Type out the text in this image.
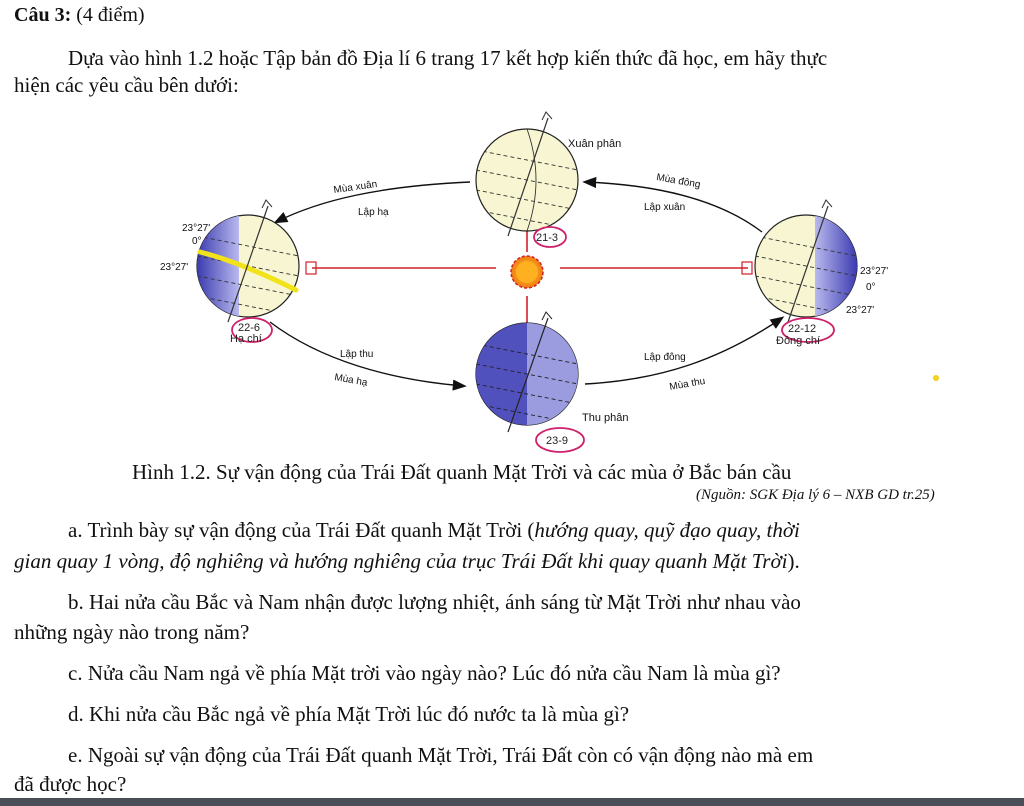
Câu 3: (4 điểm)
Dựa vào hình 1.2 hoặc Tập bản đồ Địa lí 6 trang 17 kết hợp kiến thức đã học, em hãy thực
hiện các yêu cầu bên dưới:
Xuân phân
Thu phân
Mùa xuân
Lập hạ
Mùa đông
Lập xuân
Lập thu
Mùa hạ
Lập đông
Mùa thu
Hạ chí	Đông chí
21-3
22-6
23-9
22-12
23°27'
0°
23°27'	23°27'
0°
23°27'
Hình 1.2. Sự vận động của Trái Đất quanh Mặt Trời và các mùa ở Bắc bán cầu
(Nguồn: SGK Địa lý 6 – NXB GD tr.25)
a. Trình bày sự vận động của Trái Đất quanh Mặt Trời (hướng quay, quỹ đạo quay, thời
gian quay 1 vòng, độ nghiêng và hướng nghiêng của trục Trái Đất khi quay quanh Mặt Trời).
b. Hai nửa cầu Bắc và Nam nhận được lượng nhiệt, ánh sáng từ Mặt Trời như nhau vào
những ngày nào trong năm?
c. Nửa cầu Nam ngả về phía Mặt trời vào ngày nào? Lúc đó nửa cầu Nam là mùa gì?
d. Khi nửa cầu Bắc ngả về phía Mặt Trời lúc đó nước ta là mùa gì?
e. Ngoài sự vận động của Trái Đất quanh Mặt Trời, Trái Đất còn có vận động nào mà em
đã được học?
